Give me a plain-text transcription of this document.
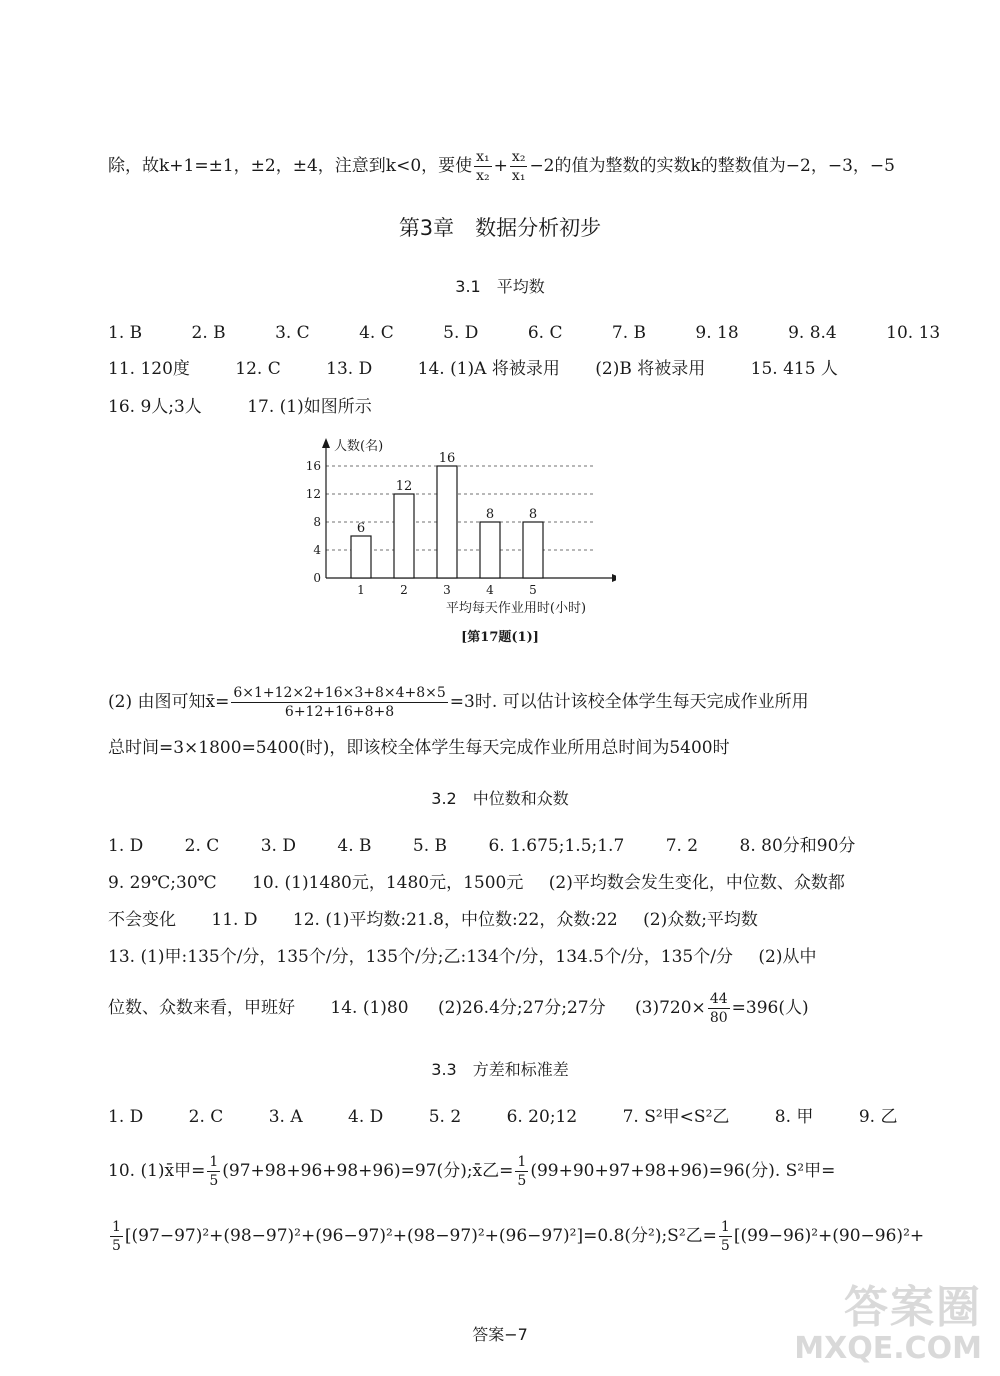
除，故k+1=±1，±2，±4，注意到k<0，要使 $\frac{\text{x₁}}{\text{x₂}} + \frac{\text{x₂}}{\text{x₁}} -2$的值为整数的实数k的整数值为−2，−3，−5
第3章　数据分析初步
3.1　平均数
1. B	2. B	3. C	4. C	5. D	6. C	7. B	9. 18	9. 8.4	10. 13
11. 120度	12. C	13. D	14. (1)A 将被录用 (2)B 将被录用	15. 415 人
16. 9人;3人	17. (1)如图所示
0
4
8
12
16
人数(名)
6
1
12
2
16
3
8
4
8
5
平均每天作业用时(小时)
[第17题(1)]
(2) 由图可知x̄= $\frac{6\times 1+12\times 2+16\times 3+8\times 4+8\times 5}{6+12+16+8+8} =3$时. 可以估计该校全体学生每天完成作业所用
总时间=3×1800=5400(时)，即该校全体学生每天完成作业所用总时间为5400时
3.2　中位数和众数
1. D 2. C 3. D 4. B 5. B 6. 1.675;1.5;1.7 7. 2 8. 80分和90分
9. 29℃;30℃ 10. (1)1480元，1480元，1500元 (2)平均数会发生变化，中位数、众数都
不会变化 11. D 12. (1)平均数:21.8，中位数:22，众数:22 (2)众数;平均数
13. (1)甲:135个/分，135个/分，135个/分;乙:134个/分，134.5个/分，135个/分 (2)从中
位数、众数来看，甲班好 14. (1)80 (2)26.4分;27分;27分 $(3)720\times \frac{44}{80} =396$(人)
3.3　方差和标准差
1. D	2. C	3. A	4. D	5. 2	6. 20;12	7. S²甲<S²乙	8. 甲	9. 乙
10. (1)x̄甲= $\frac{1}{5} (97+98+96+98+96)=97$(分);x̄乙= $\frac{1}{5} (99+90+97+98+96)=96$(分). S²甲=
$\frac{1}{5} [(97-97)^2+(98-97)^2+(96-97)^2+(98-97)^2+(96-97)^2]=0.8$(分²);S²乙= $\frac{1}{5} [(99-96)^2+(90-96)^2+$
答案−7
答案圈
MXQE.COM
